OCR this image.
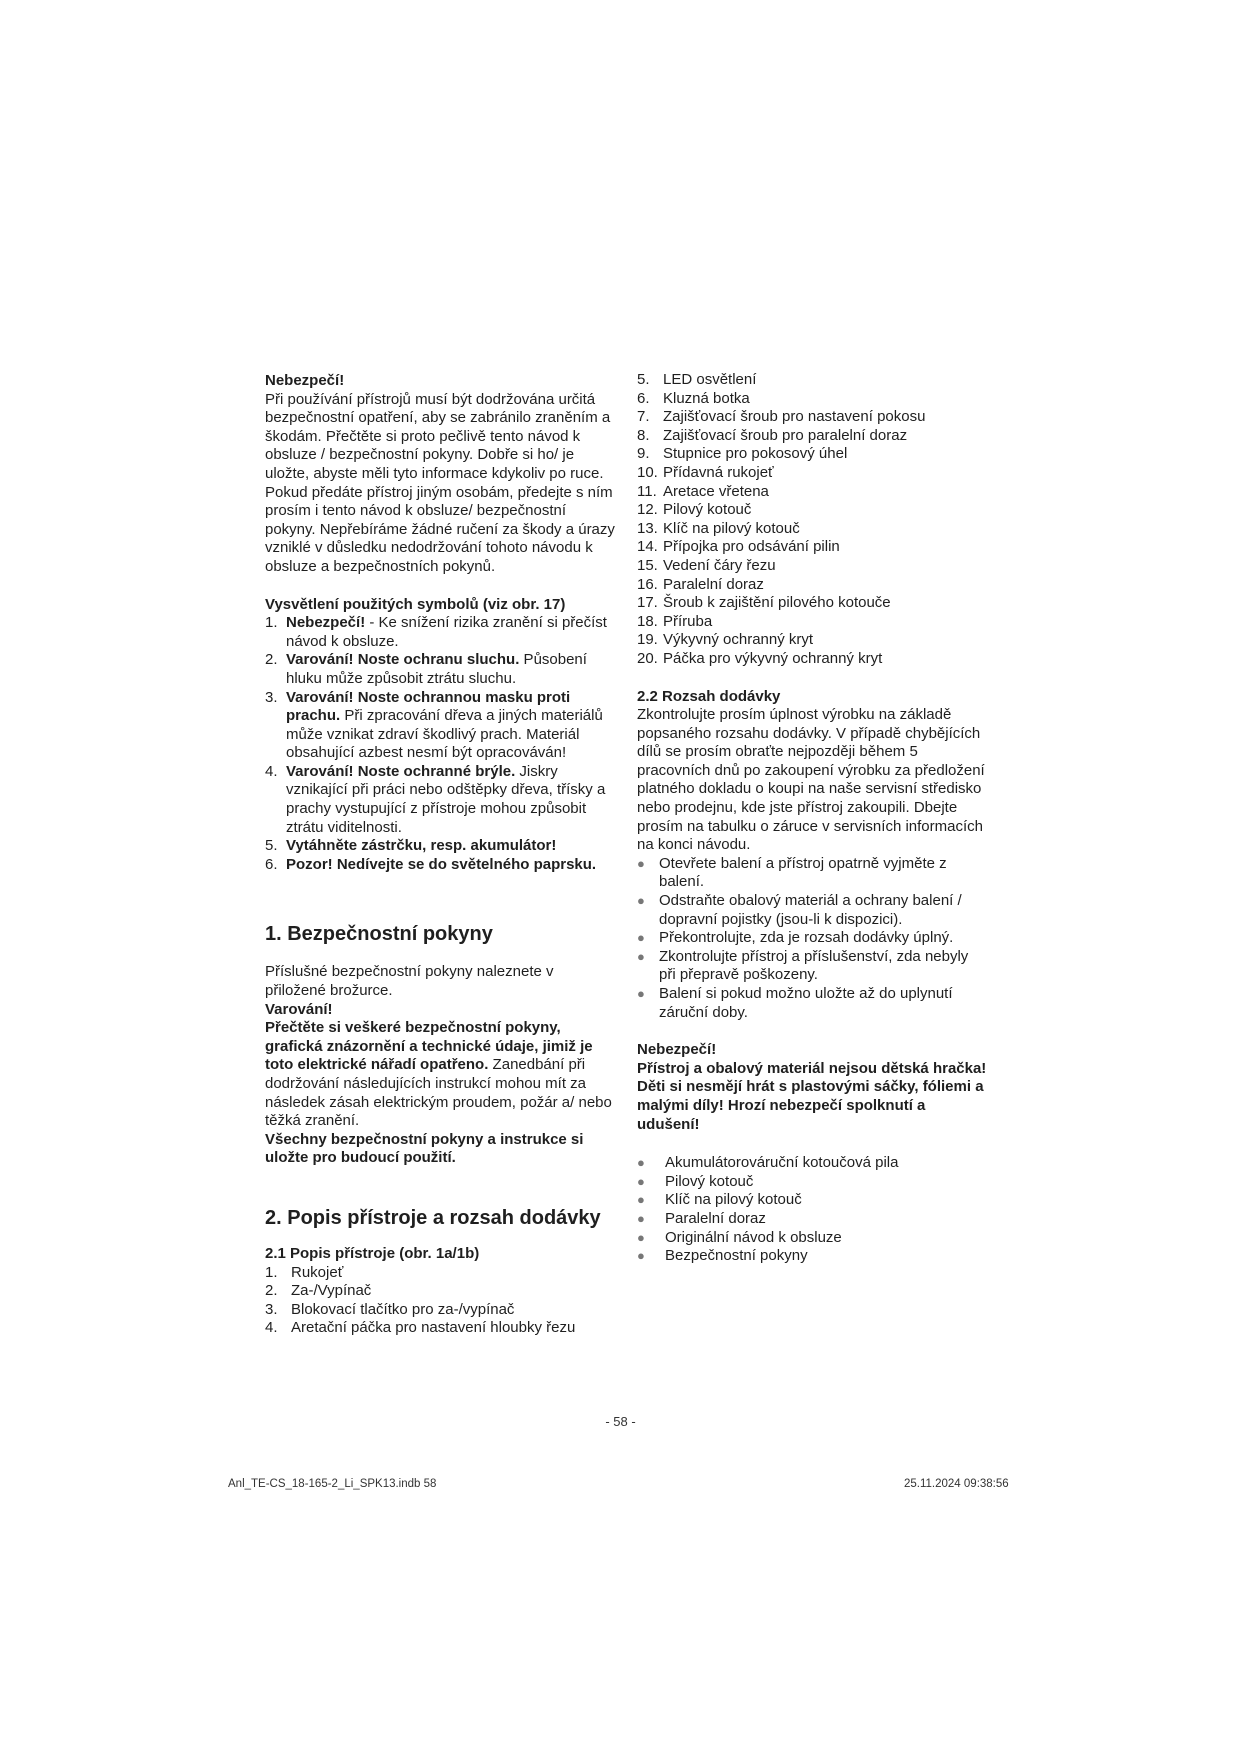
Nebezpečí!

Při používání přístrojů musí být dodržována určitá bezpečnostní opatření, aby se zabránilo zraněním a škodám. Přečtěte si proto pečlivě tento návod k obsluze / bezpečnostní pokyny. Dobře si ho/ je uložte, abyste měli tyto informace kdykoliv po ruce. Pokud předáte přístroj jiným osobám, předejte s ním prosím i tento návod k obsluze/ bezpečnostní pokyny. Nepřebíráme žádné ručení za škody a úrazy vzniklé v důsledku nedodržování tohoto návodu k obsluze a bezpečnostních pokynů.

Vysvětlení použitých symbolů (viz obr. 17)

1. Nebezpečí! - Ke snížení rizika zranění si přečíst návod k obsluze.
2. Varování! Noste ochranu sluchu. Působení hluku může způsobit ztrátu sluchu.
3. Varování! Noste ochrannou masku proti prachu. Při zpracování dřeva a jiných materiálů může vznikat zdraví škodlivý prach. Materiál obsahující azbest nesmí být opracováván!
4. Varování! Noste ochranné brýle. Jiskry vznikající při práci nebo odštěpky dřeva, třísky a prachy vystupující z přístroje mohou způsobit ztrátu viditelnosti.
5. Vytáhněte zástrčku, resp. akumulátor!
6. Pozor! Nedívejte se do světelného paprsku.

1. Bezpečnostní pokyny

Příslušné bezpečnostní pokyny naleznete v přiložené brožurce.

Varování!

Přečtěte si veškeré bezpečnostní pokyny, grafická znázornění a technické údaje, jimiž je toto elektrické nářadí opatřeno. Zanedbání při dodržování následujících instrukcí mohou mít za následek zásah elektrickým proudem, požár a/ nebo těžká zranění.

Všechny bezpečnostní pokyny a instrukce si uložte pro budoucí použití.

2. Popis přístroje a rozsah dodávky

2.1 Popis přístroje (obr. 1a/1b)

1. Rukojeť
2. Za-/Vypínač
3. Blokovací tlačítko pro za-/vypínač
4. Aretační páčka pro nastavení hloubky řezu
5. LED osvětlení
6. Kluzná botka
7. Zajišťovací šroub pro nastavení pokosu
8. Zajišťovací šroub pro paralelní doraz
9. Stupnice pro pokosový úhel
10. Přídavná rukojeť
11. Aretace vřetena
12. Pilový kotouč
13. Klíč na pilový kotouč
14. Přípojka pro odsávání pilin
15. Vedení čáry řezu
16. Paralelní doraz
17. Šroub k zajištění pilového kotouče
18. Příruba
19. Výkyvný ochranný kryt
20. Páčka pro výkyvný ochranný kryt

2.2 Rozsah dodávky

Zkontrolujte prosím úplnost výrobku na základě popsaného rozsahu dodávky. V případě chybějících dílů se prosím obraťte nejpozději během 5 pracovních dnů po zakoupení výrobku za předložení platného dokladu o koupi na naše servisní středisko nebo prodejnu, kde jste přístroj zakoupili. Dbejte prosím na tabulku o záruce v servisních informacích na konci návodu.

● Otevřete balení a přístroj opatrně vyjměte z balení.
● Odstraňte obalový materiál a ochrany balení / dopravní pojistky (jsou-li k dispozici).
● Překontrolujte, zda je rozsah dodávky úplný.
● Zkontrolujte přístroj a příslušenství, zda nebyly při přepravě poškozeny.
● Balení si pokud možno uložte až do uplynutí záruční doby.

Nebezpečí!

Přístroj a obalový materiál nejsou dětská hračka! Děti si nesmějí hrát s plastovými sáčky, fóliemi a malými díly! Hrozí nebezpečí spolknutí a udušení!

●	Akumulátorováruční kotoučová pila
●	Pilový kotouč
●	Klíč na pilový kotouč
●	Paralelní doraz
●	Originální návod k obsluze
●	Bezpečnostní pokyny
- 58 -
Anl_TE-CS_18-165-2_Li_SPK13.indb 58	25.11.2024 09:38:56
